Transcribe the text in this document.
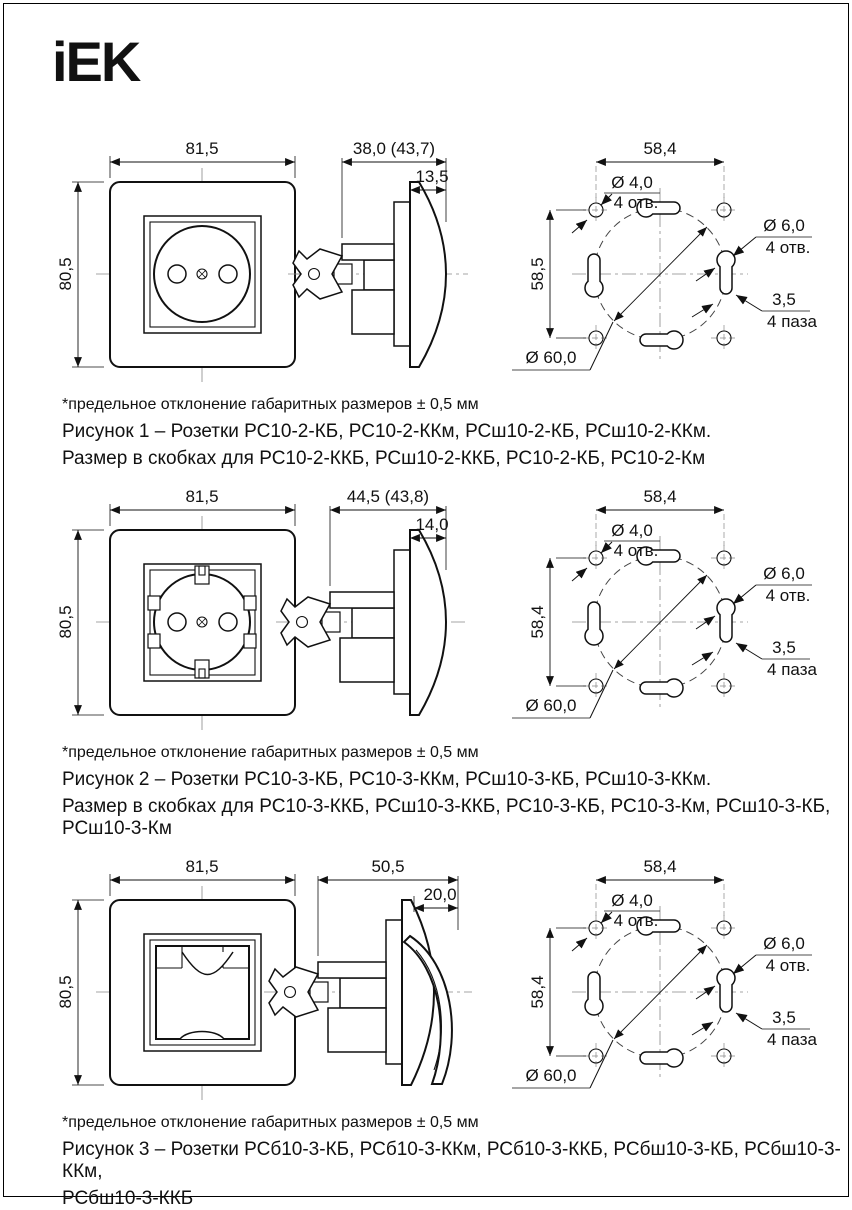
iEK
81,5
80,5
38,0 (43,7)
13,5
58,4
58,5
Ø 4,0
4 отв.
Ø 6,0
4 отв.
3,5
4 паза
Ø 60,0

*предельное отклонение габаритных размеров ± 0,5 мм

Рисунок 1 – Розетки РС10-2-КБ, РС10-2-ККм, РСш10-2-КБ, РСш10-2-ККм.

Размер в скобках для РС10-2-ККБ, РСш10-2-ККБ, РС10-2-КБ, РС10-2-Км

81,5
80,5
44,5 (43,8)
14,0
58,4
58,4
Ø 4,0
4 отв.
Ø 6,0
4 отв.
3,5
4 паза
Ø 60,0

*предельное отклонение габаритных размеров ± 0,5 мм

Рисунок 2 – Розетки РС10-3-КБ, РС10-3-ККм, РСш10-3-КБ, РСш10-3-ККм.

Размер в скобках для РС10-3-ККБ, РСш10-3-ККБ, РС10-3-КБ, РС10-3-Км, РСш10-3-КБ, РСш10-3-Км

81,5
80,5
50,5
20,0
58,4
58,4
Ø 4,0
4 отв.
Ø 6,0
4 отв.
3,5
4 паза
Ø 60,0

*предельное отклонение габаритных размеров ± 0,5 мм

Рисунок 3 – Розетки РСб10-3-КБ, РСб10-3-ККм, РСб10-3-ККБ, РСбш10-3-КБ, РСбш10-3-ККм,

РСбш10-3-ККБ
